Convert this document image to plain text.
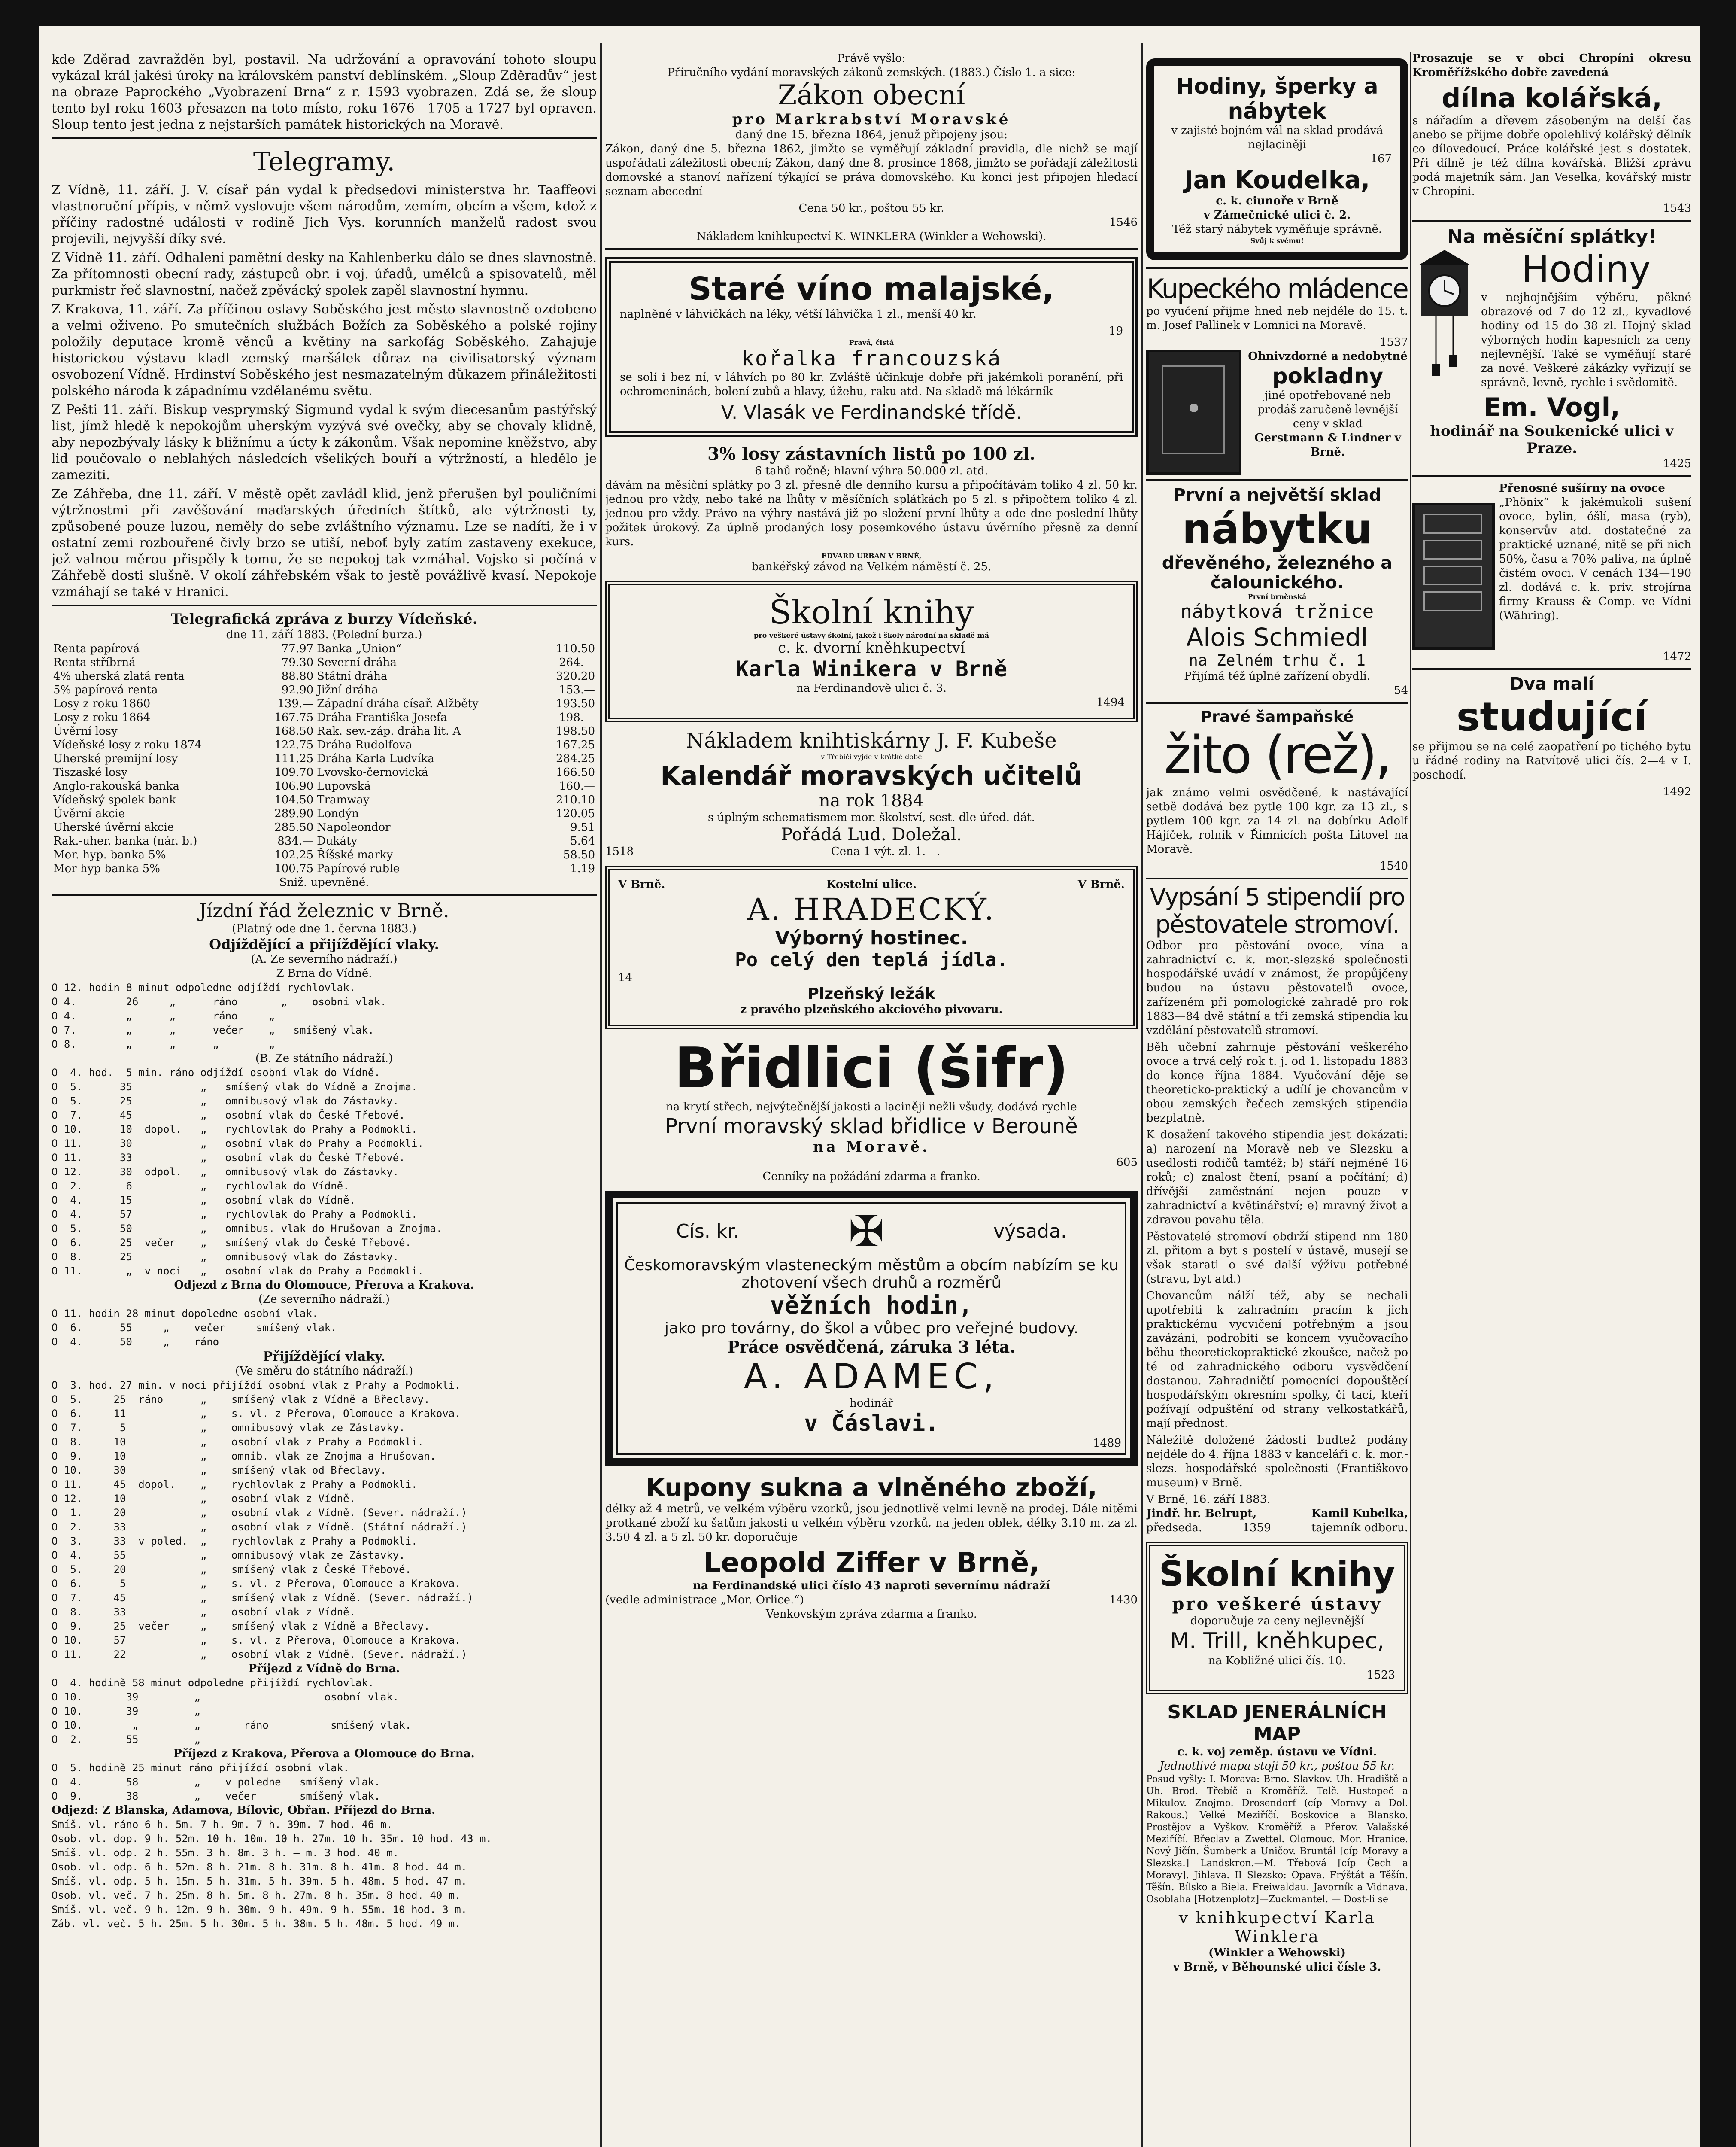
kde Zděrad zavražděn byl, postavil. Na udržování a opravování tohoto sloupu vykázal král jakési úroky na královském panství deblínském. „Sloup Zděradův“ jest na obraze Paprockého „Vyobrazení Brna“ z r. 1593 vyobrazen. Zdá se, že sloup tento byl roku 1603 přesazen na toto místo, roku 1676—1705 a 1727 byl opraven. Sloup tento jest jedna z nejstarších památek historických na Moravě.

Telegramy.

Z Vídně, 11. září. J. V. císař pán vydal k předsedovi ministerstva hr. Taaffeovi vlastnoruční přípis, v němž vyslovuje všem národům, zemím, obcím a všem, kdož z příčiny radostné události v rodině Jich Vys. korunních manželů radost svou projevili, nejvyšší díky své.

Z Vídně 11. září. Odhalení pamětní desky na Kahlenberku dálo se dnes slavnostně. Za přítomnosti obecní rady, zástupců obr. i voj. úřadů, umělců a spisovatelů, měl purkmistr řeč slavnostní, načež zpěvácký spolek zapěl slavnostní hymnu.

Z Krakova, 11. září. Za příčinou oslavy Soběského jest město slavnostně ozdobeno a velmi oživeno. Po smutečních službách Božích za Soběského a polské rojiny položily deputace kromě věnců a květiny na sarkofág Soběského. Zahajuje historickou výstavu kladl zemský maršálek důraz na civilisatorský význam osvobození Vídně. Hrdinství Soběského jest nesmazatelným důkazem přináležitosti polského národa k západnímu vzdělanému světu.

Z Pešti 11. září. Biskup vesprymský Sigmund vydal k svým diecesanům pastýřský list, jímž hledě k nepokojům uherským vyzývá své ovečky, aby se chovaly klidně, aby nepozbývaly lásky k bližnímu a úcty k zákonům. Však nepomine kněžstvo, aby lid poučovalo o neblahých následcích všelikých bouří a výtržností, a hledělo je zameziti.

Ze Záhřeba, dne 11. září. V městě opět zavládl klid, jenž přerušen byl pouličními výtržnostmi při zavěšování maďarských úředních štítků, ale výtržnosti ty, způsobené pouze luzou, neměly do sebe zvláštního významu. Lze se nadíti, že i v ostatní zemi rozbouřené čivly brzo se utiší, neboť byly zatím zastaveny exekuce, jež valnou měrou přispěly k tomu, že se nepokoj tak vzmáhal. Vojsko si počíná v Záhřebě dosti slušně. V okolí záhřebském však to jestě povážlivě kvasí. Nepokoje vzmáhají se také v Hranici.

Telegrafická zpráva z burzy Vídeňské.
dne 11. září 1883. (Polední burza.)
Renta papírová	77.97	Banka „Union“	110.50
Renta stříbrná	79.30	Severní dráha	264.—
4% uherská zlatá renta	88.80	Státní dráha	320.20
5% papírová renta	92.90	Jižní dráha	153.—
Losy z roku 1860	139.—	Západní dráha císař. Alžběty	193.50
Losy z roku 1864	167.75	Dráha Františka Josefa	198.—
Úvěrní losy	168.50	Rak. sev.-záp. dráha lit. A	198.50
Vídeňské losy z roku 1874	122.75	Dráha Rudolfova	167.25
Uherské premijní losy	111.25	Dráha Karla Ludvíka	284.25
Tiszaské losy	109.70	Lvovsko-černovická	166.50
Anglo-rakouská banka	106.90	Lupovská	160.—
Vídeňský spolek bank	104.50	Tramway	210.10
Úvěrní akcie	289.90	Londýn	120.05
Uherské úvěrní akcie	285.50	Napoleondor	9.51
Rak.-uher. banka (nár. b.)	834.—	Dukáty	5.64
Mor. hyp. banka 5%	102.25	Říšské marky	58.50
Mor hyp banka 5%	100.75	Papírové ruble	1.19
Sniž. upevněné.
Jízdní řád železnic v Brně.
(Platný ode dne 1. června 1883.)
Odjíždějící a přijíždějící vlaky.
(A. Ze severního nádraží.)
Z Brna do Vídně.
O 12. hodin 8 minut odpoledne odjíždí rychlovlak.
O 4.        26     „      ráno       „    osobní vlak.
O 4.        „      „      ráno     „
O 7.        „      „      večer    „   smíšený vlak.
O 8.        „      „      „        „
(B. Ze státního nádraží.)
O  4. hod.  5 min. ráno odjíždí osobní vlak do Vídně.
O  5.      35           „   smíšený vlak do Vídně a Znojma.
O  5.      25           „   omnibusový vlak do Zástavky.
O  7.      45           „   osobní vlak do České Třebové.
O 10.      10  dopol.   „   rychlovlak do Prahy a Podmokli.
O 11.      30           „   osobní vlak do Prahy a Podmokli.
O 11.      33           „   osobní vlak do České Třebové.
O 12.      30  odpol.   „   omnibusový vlak do Zástavky.
O  2.       6           „   rychlovlak do Vídně.
O  4.      15           „   osobní vlak do Vídně.
O  4.      57           „   rychlovlak do Prahy a Podmokli.
O  5.      50           „   omnibus. vlak do Hrušovan a Znojma.
O  6.      25  večer    „   smíšený vlak do České Třebové.
O  8.      25           „   omnibusový vlak do Zástavky.
O 11.       „  v noci   „   osobní vlak do Prahy a Podmokli.
Odjezd z Brna do Olomouce, Přerova a Krakova.
(Ze severního nádraží.)
O 11. hodin 28 minut dopoledne osobní vlak.
O  6.      55     „    večer     smíšený vlak.
O  4.      50     „    ráno
Přijíždějící vlaky.
(Ve směru do státního nádraží.)
O  3. hod. 27 min. v noci přijíždí osobní vlak z Prahy a Podmokli.
O  5.     25  ráno      „    smíšený vlak z Vídně a Břeclavy.
O  6.     11            „    s. vl. z Přerova, Olomouce a Krakova.
O  7.      5            „    omnibusový vlak ze Zástavky.
O  8.     10            „    osobní vlak z Prahy a Podmokli.
O  9.     10            „    omnib. vlak ze Znojma a Hrušovan.
O 10.     30            „    smíšený vlak od Břeclavy.
O 11.     45  dopol.    „    rychlovlak z Prahy a Podmokli.
O 12.     10            „    osobní vlak z Vídně.
O  1.     20            „    osobní vlak z Vídně. (Sever. nádraží.)
O  2.     33            „    osobní vlak z Vídně. (Státní nádraží.)
O  3.     33  v poled.  „    rychlovlak z Prahy a Podmokli.
O  4.     55            „    omnibusový vlak ze Zástavky.
O  5.     20            „    smíšený vlak z České Třebové.
O  6.      5            „    s. vl. z Přerova, Olomouce a Krakova.
O  7.     45            „    smíšený vlak z Vídně. (Sever. nádraží.)
O  8.     33            „    osobní vlak z Vídně.
O  9.     25  večer     „    smíšený vlak z Vídně a Břeclavy.
O 10.     57            „    s. vl. z Přerova, Olomouce a Krakova.
O 11.     22            „    osobní vlak z Vídně. (Sever. nádraží.)
Příjezd z Vídně do Brna.
O  4. hodině 58 minut odpoledne přijíždí rychlovlak.
O 10.       39         „                    osobní vlak.
O 10.       39         „
O 10.        „         „       ráno          smíšený vlak.
O  2.       55         „
Příjezd z Krakova, Přerova a Olomouce do Brna.
O  5. hodině 25 minut ráno přijíždí osobní vlak.
O  4.       58         „    v poledne   smíšený vlak.
O  9.       38         „    večer       smíšený vlak.
Odjezd: Z Blanska, Adamova, Bílovic, Obřan. Příjezd do Brna.
Smíš. vl. ráno 6 h. 5m. 7 h. 9m. 7 h. 39m. 7 hod. 46 m.
Osob. vl. dop. 9 h. 52m. 10 h. 10m. 10 h. 27m. 10 h. 35m. 10 hod. 43 m.
Smíš. vl. odp. 2 h. 55m. 3 h. 8m. 3 h. — m. 3 hod. 40 m.
Osob. vl. odp. 6 h. 52m. 8 h. 21m. 8 h. 31m. 8 h. 41m. 8 hod. 44 m.
Smíš. vl. odp. 5 h. 15m. 5 h. 31m. 5 h. 39m. 5 h. 48m. 5 hod. 47 m.
Osob. vl. več. 7 h. 25m. 8 h. 5m. 8 h. 27m. 8 h. 35m. 8 hod. 40 m.
Smíš. vl. več. 9 h. 12m. 9 h. 30m. 9 h. 49m. 9 h. 55m. 10 hod. 3 m.
Záb. vl. več. 5 h. 25m. 5 h. 30m. 5 h. 38m. 5 h. 48m. 5 hod. 49 m.
Právě vyšlo:
Příručního vydání moravských zákonů zemských. (1883.) Číslo 1. a sice:
Zákon obecní
pro Markrabství Moravské
daný dne 15. března 1864, jenuž připojeny jsou:

Zákon, daný dne 5. března 1862, jimžto se vyměřují základní pravidla, dle nichž se mají uspořádati záležitosti obecní; Zákon, daný dne 8. prosince 1868, jimžto se pořádají záležitosti domovské a stanoví nařízení týkající se práva domovského. Ku konci jest připojen hledací seznam abecední

Cena 50 kr., poštou 55 kr.
1546
Nákladem knihkupectví K. WINKLERA (Winkler a Wehowski).
Staré víno malajské,

naplněné v láhvičkách na léky, větší láhvička 1 zl., menší 40 kr.

19
Pravá, čistá
kořalka francouzská

se solí i bez ní, v láhvích po 80 kr. Zvláště účinkuje dobře při jakémkoli poranění, při ochromeninách, bolení zubů a hlavy, úžehu, raku atd. Na skladě má lékárník

V. Vlasák ve Ferdinandské třídě.
3% losy zástavních listů po 100 zl.
6 tahů ročně; hlavní výhra 50.000 zl. atd.

dávám na měsíční splátky po 3 zl. přesně dle denního kursu a připočítávám toliko 4 zl. 50 kr. jednou pro vždy, nebo také na lhůty v měsíčních splátkách po 5 zl. s připočtem toliko 4 zl. jednou pro vždy. Právo na výhry nastává již po složení první lhůty a ode dne poslední lhůty požitek úrokový. Za úplně prodaných losy posemkového ústavu úvěrního přesně za denní kurs.

EDVARD URBAN V BRNĚ,
bankéřský závod na Velkém náměstí č. 25.
Školní knihy
pro veškeré ústavy školní, jakož i školy národní na skladě má
c. k. dvorní kněhkupectví
Karla Winikera v Brně
na Ferdinandově ulici č. 3.
1494
Nákladem knihtiskárny J. F. Kubeše
v Třebíči vyjde v krátké době
Kalendář moravských učitelů
na rok 1884
s úplným schematismem mor. školství, sest. dle úřed. dát.
Pořádá Lud. Doležal.
1518	Cena 1 výt. zl. 1.—.
V Brně.	Kostelní ulice.	V Brně.
A. HRADECKÝ.
Výborný hostinec.
Po celý den teplá jídla.
14
Plzeňský ležák
z pravého plzeňského akciového pivovaru.
Břidlici (šifr)
na krytí střech, nejvýtečnější jakosti a laciněji nežli všudy, dodává rychle
První moravský sklad břidlice v Berouně
na Moravě.
605
Cenníky na požádání zdarma a franko.
Cís. kr.	✠	výsada.
Českomoravským vlasteneckým městům a obcím nabízím se ku zhotovení všech druhů a rozměrů
věžních hodin,
jako pro továrny, do škol a vůbec pro veřejné budovy.
Práce osvědčená, záruka 3 léta.
A. ADAMEC,
hodinář
v Čáslavi.
1489
Kupony sukna a vlněného zboží,

délky až 4 metrů, ve velkém výběru vzorků, jsou jednotlivě velmi levně na prodej. Dále nitěmi protkané zboží ku šatům jakosti u velkém výběru vzorků, na jeden oblek, délky 3.10 m. za zl. 3.50 4 zl. a 5 zl. 50 kr. doporučuje

Leopold Ziffer v Brně,
na Ferdinandské ulici číslo 43 naproti severnímu nádraží
(vedle administrace „Mor. Orlice.“)	1430
Venkovským zpráva zdarma a franko.
Hodiny, šperky a nábytek
v zajisté bojném vál na sklad prodává nejlaciněji
167
Jan Koudelka,
c. k. ciunoře v Brně
v Zámečnické ulici č. 2.
Též starý nábytek vyměňuje správně.
Svůj k svému!
Kupeckého mládence

po vyučení přijme hned neb nejdéle do 15. t. m. Josef Pallinek v Lomnici na Moravě.

1537
Ohnivzdorné a nedobytné
pokladny
jiné opotřebované neb prodáš zaručeně levnější ceny v sklad
Gerstmann & Lindner v Brně.
První a největší sklad
nábytku
dřevěného, železného a čalounického.
První brněnská
nábytková tržnice
Alois Schmiedl
na Zelném trhu č. 1
Přijímá též úplné zařízení obydlí.
54
Pravé šampaňské
žito (rež),

jak známo velmi osvědčené, k nastávající setbě dodává bez pytle 100 kgr. za 13 zl., s pytlem 100 kgr. za 14 zl. na dobírku Adolf Hájíček, rolník v Římnicích pošta Litovel na Moravě.

1540
Vypsání 5 stipendií pro pěstovatele stromoví.

Odbor pro pěstování ovoce, vína a zahradnictví c. k. mor.-slezské společnosti hospodářské uvádí v známost, že propůjčeny budou na ústavu pěstovatelů ovoce, zařízeném při pomologické zahradě pro rok 1883—84 dvě státní a tři zemská stipendia ku vzdělání pěstovatelů stromoví.

Běh učební zahrnuje pěstování veškerého ovoce a trvá celý rok t. j. od 1. listopadu 1883 do konce října 1884. Vyučování děje se theoreticko-praktický a udílí je chovancům v obou zemských řečech zemských stipendia bezplatně.

K dosažení takového stipendia jest dokázati: a) narození na Moravě neb ve Slezsku a usedlosti rodičů tamtéž; b) stáří nejméně 16 roků; c) znalost čtení, psaní a počítání; d) dřívější zaměstnání nejen pouze v zahradnictví a květinářství; e) mravný život a zdravou povahu těla.

Pěstovatelé stromoví obdrží stipend nm 180 zl. přitom a byt s postelí v ústavě, musejí se však starati o své další výživu potřebné (stravu, byt atd.)

Chovancům nálží též, aby se nechali upotřebiti k zahradním pracím k jich praktickému vycvičení potřebným a jsou zavázáni, podrobiti se koncem vyučovacího běhu theoretickopraktické zkoušce, načež po té od zahradnického odboru vysvědčení dostanou. Zahradničtí pomocníci dopouštěcí hospodářským okresním spolky, či tací, kteří požívají odpuštění od strany velkostatkářů, mají přednost.

Náležitě doložené žádosti budtež podány nejdéle do 4. října 1883 v kanceláři c. k. mor.-slezs. hospodářské společnosti (Františkovo museum) v Brně.

V Brně, 16. září 1883.
Jindř. hr. Belrupt,	Kamil Kubelka,
předseda.	1359	tajemník odboru.
Školní knihy
pro veškeré ústavy
doporučuje za ceny nejlevnější
M. Trill, kněhkupec,
na Kobližné ulici čís. 10.
1523
SKLAD JENERÁLNÍCH MAP
c. k. voj zeměp. ústavu ve Vídni.
Jednotlivé mapa stojí 50 kr., poštou 55 kr.

Posud vyšly: I. Morava: Brno. Slavkov. Uh. Hradiště a Uh. Brod. Třebíč a Kroměříž. Telč. Hustopeč a Mikulov. Znojmo. Drosendorf (cíp Moravy a Dol. Rakous.) Velké Meziříčí. Boskovice a Blansko. Prostějov a Vyškov. Kroměříž a Přerov. Valašské Meziříčí. Břeclav a Zwettel. Olomouc. Mor. Hranice. Nový Jičín. Šumberk a Uničov. Bruntál [cíp Moravy a Slezska.] Landskron.—M. Třebová [cíp Čech a Moravy]. Jihlava. II Slezsko: Opava. Frýštát a Těšín. Těšín. Bílsko a Biela. Freiwaldau. Javorník a Vidnava. Osoblaha [Hotzenplotz]—Zuckmantel. — Dost-li se

v knihkupectví Karla Winklera
(Winkler a Wehowski)
v Brně, v Běhounské ulici čísle 3.

Prosazuje se v obci Chropíni okresu Kroměřížského dobře zavedená

dílna kolářská,

s nářadím a dřevem zásobeným na delší čas anebo se přijme dobře opolehlivý kolářský dělník co dílovedoucí. Práce kolářské jest s dostatek. Při dílně je též dílna kovářská. Bližší zprávu podá majetník sám. Jan Veselka, kovářský mistr v Chropíni.

1543
Na měsíční splátky!
Hodiny

v nejhojnějším výběru, pěkné obrazové od 7 do 12 zl., kyvadlové hodiny od 15 do 38 zl. Hojný sklad výborných hodin kapesních za ceny nejlevnější. Také se vyměňují staré za nové. Veškeré zákázky vyřizují se správně, levně, rychle i svědomitě.

Em. Vogl,
hodinář na Soukenické ulici v Praze.
1425
Přenosné sušírny na ovoce

„Phönix“ k jakémukoli sušení ovoce, bylin, óšlí, masa (ryb), konservův atd. dostatečné za praktické uznané, nitě se při nich 50%, času a 70% paliva, na úplně čistém ovoci. V cenách 134—190 zl. dodává c. k. priv. strojírna firmy Krauss & Comp. ve Vídni (Währing).

1472
Dva malí
studující

se přijmou se na celé zaopatření po tichého bytu u řádné rodiny na Ratvítově ulici čís. 2—4 v I. poschodí.

1492
